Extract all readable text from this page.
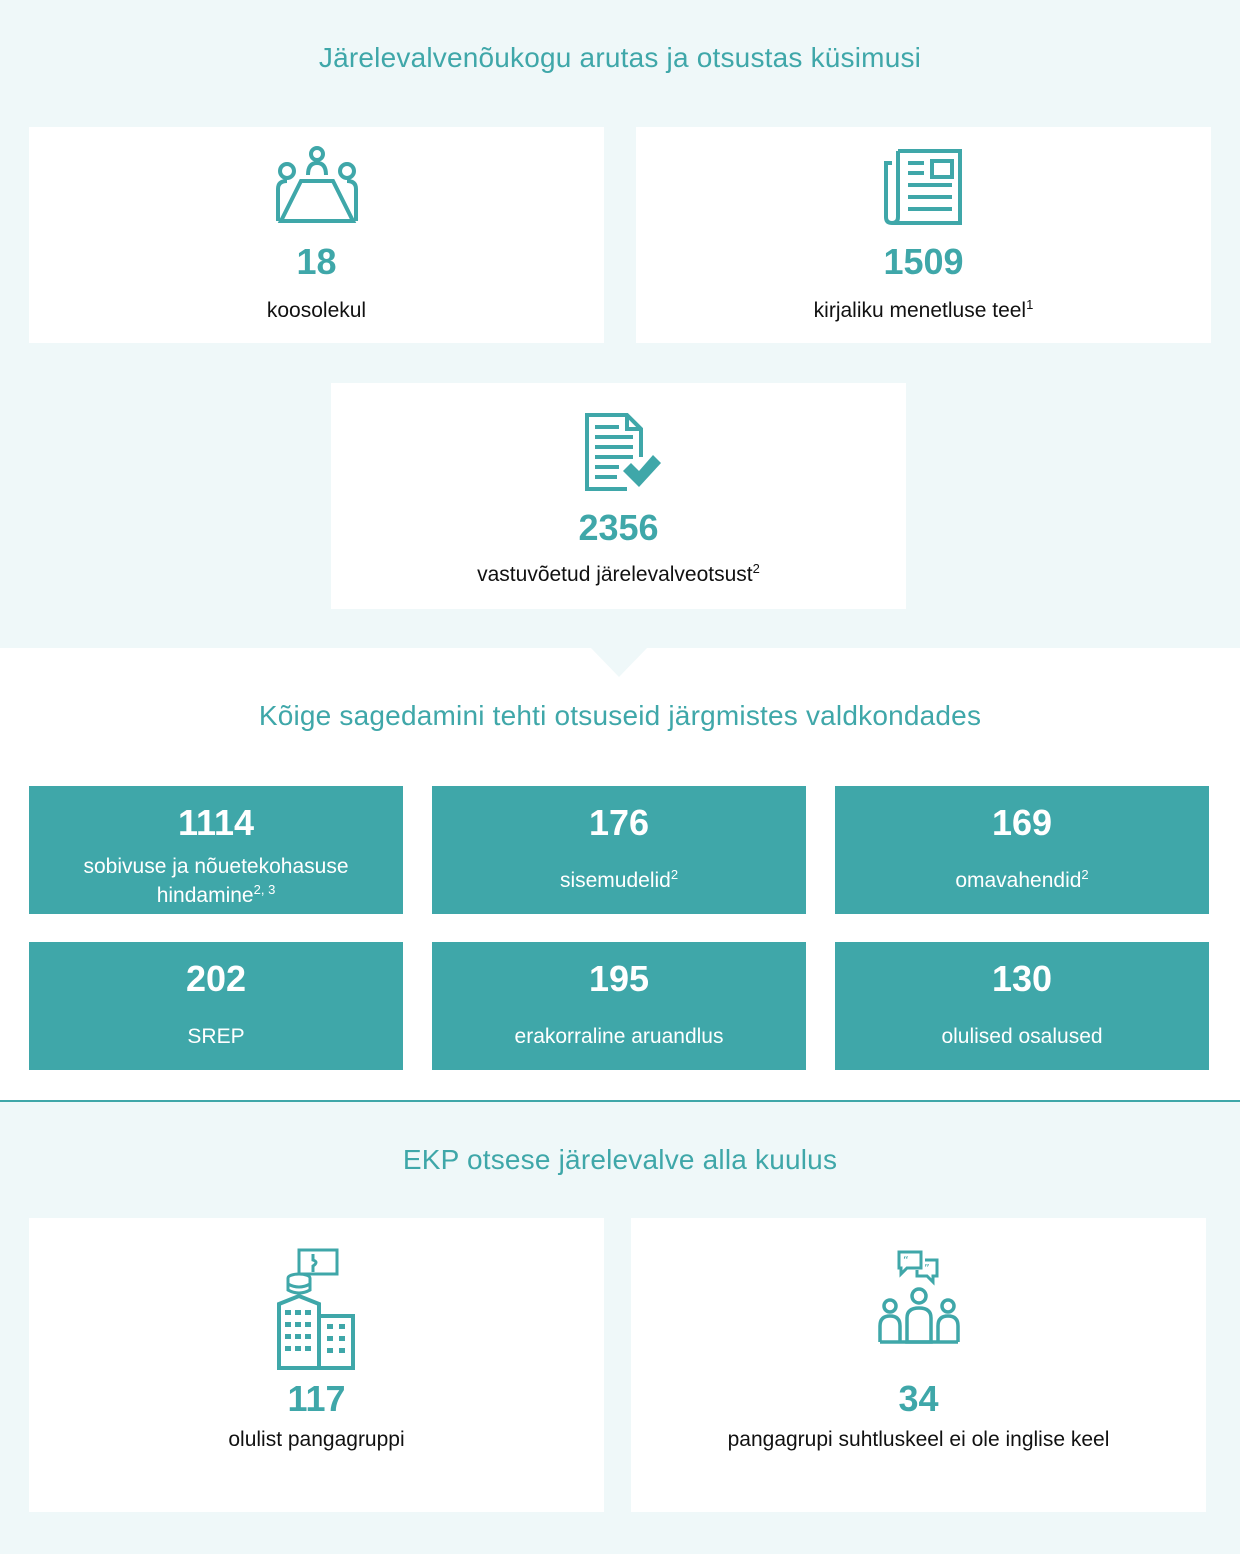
Järelevalvenõukogu arutas ja otsustas küsimusi
18
koosolekul
1509
kirjaliku menetluse teel$^1$
2356
vastuvõetud järelevalveotsust$^2$
Kõige sagedamini tehti otsuseid järgmistes valdkondades
1114
sobivuse ja nõuetekohasuse
hindamine$^{2, 3}$
176
sisemudelid$^2$
169
omavahendid$^2$
202
SREP
195
erakorraline aruandlus
130
olulised osalused
EKP otsese järelevalve alla kuulus
117
olulist pangagruppi
“
”
34
pangagrupi suhtluskeel ei ole inglise keel
